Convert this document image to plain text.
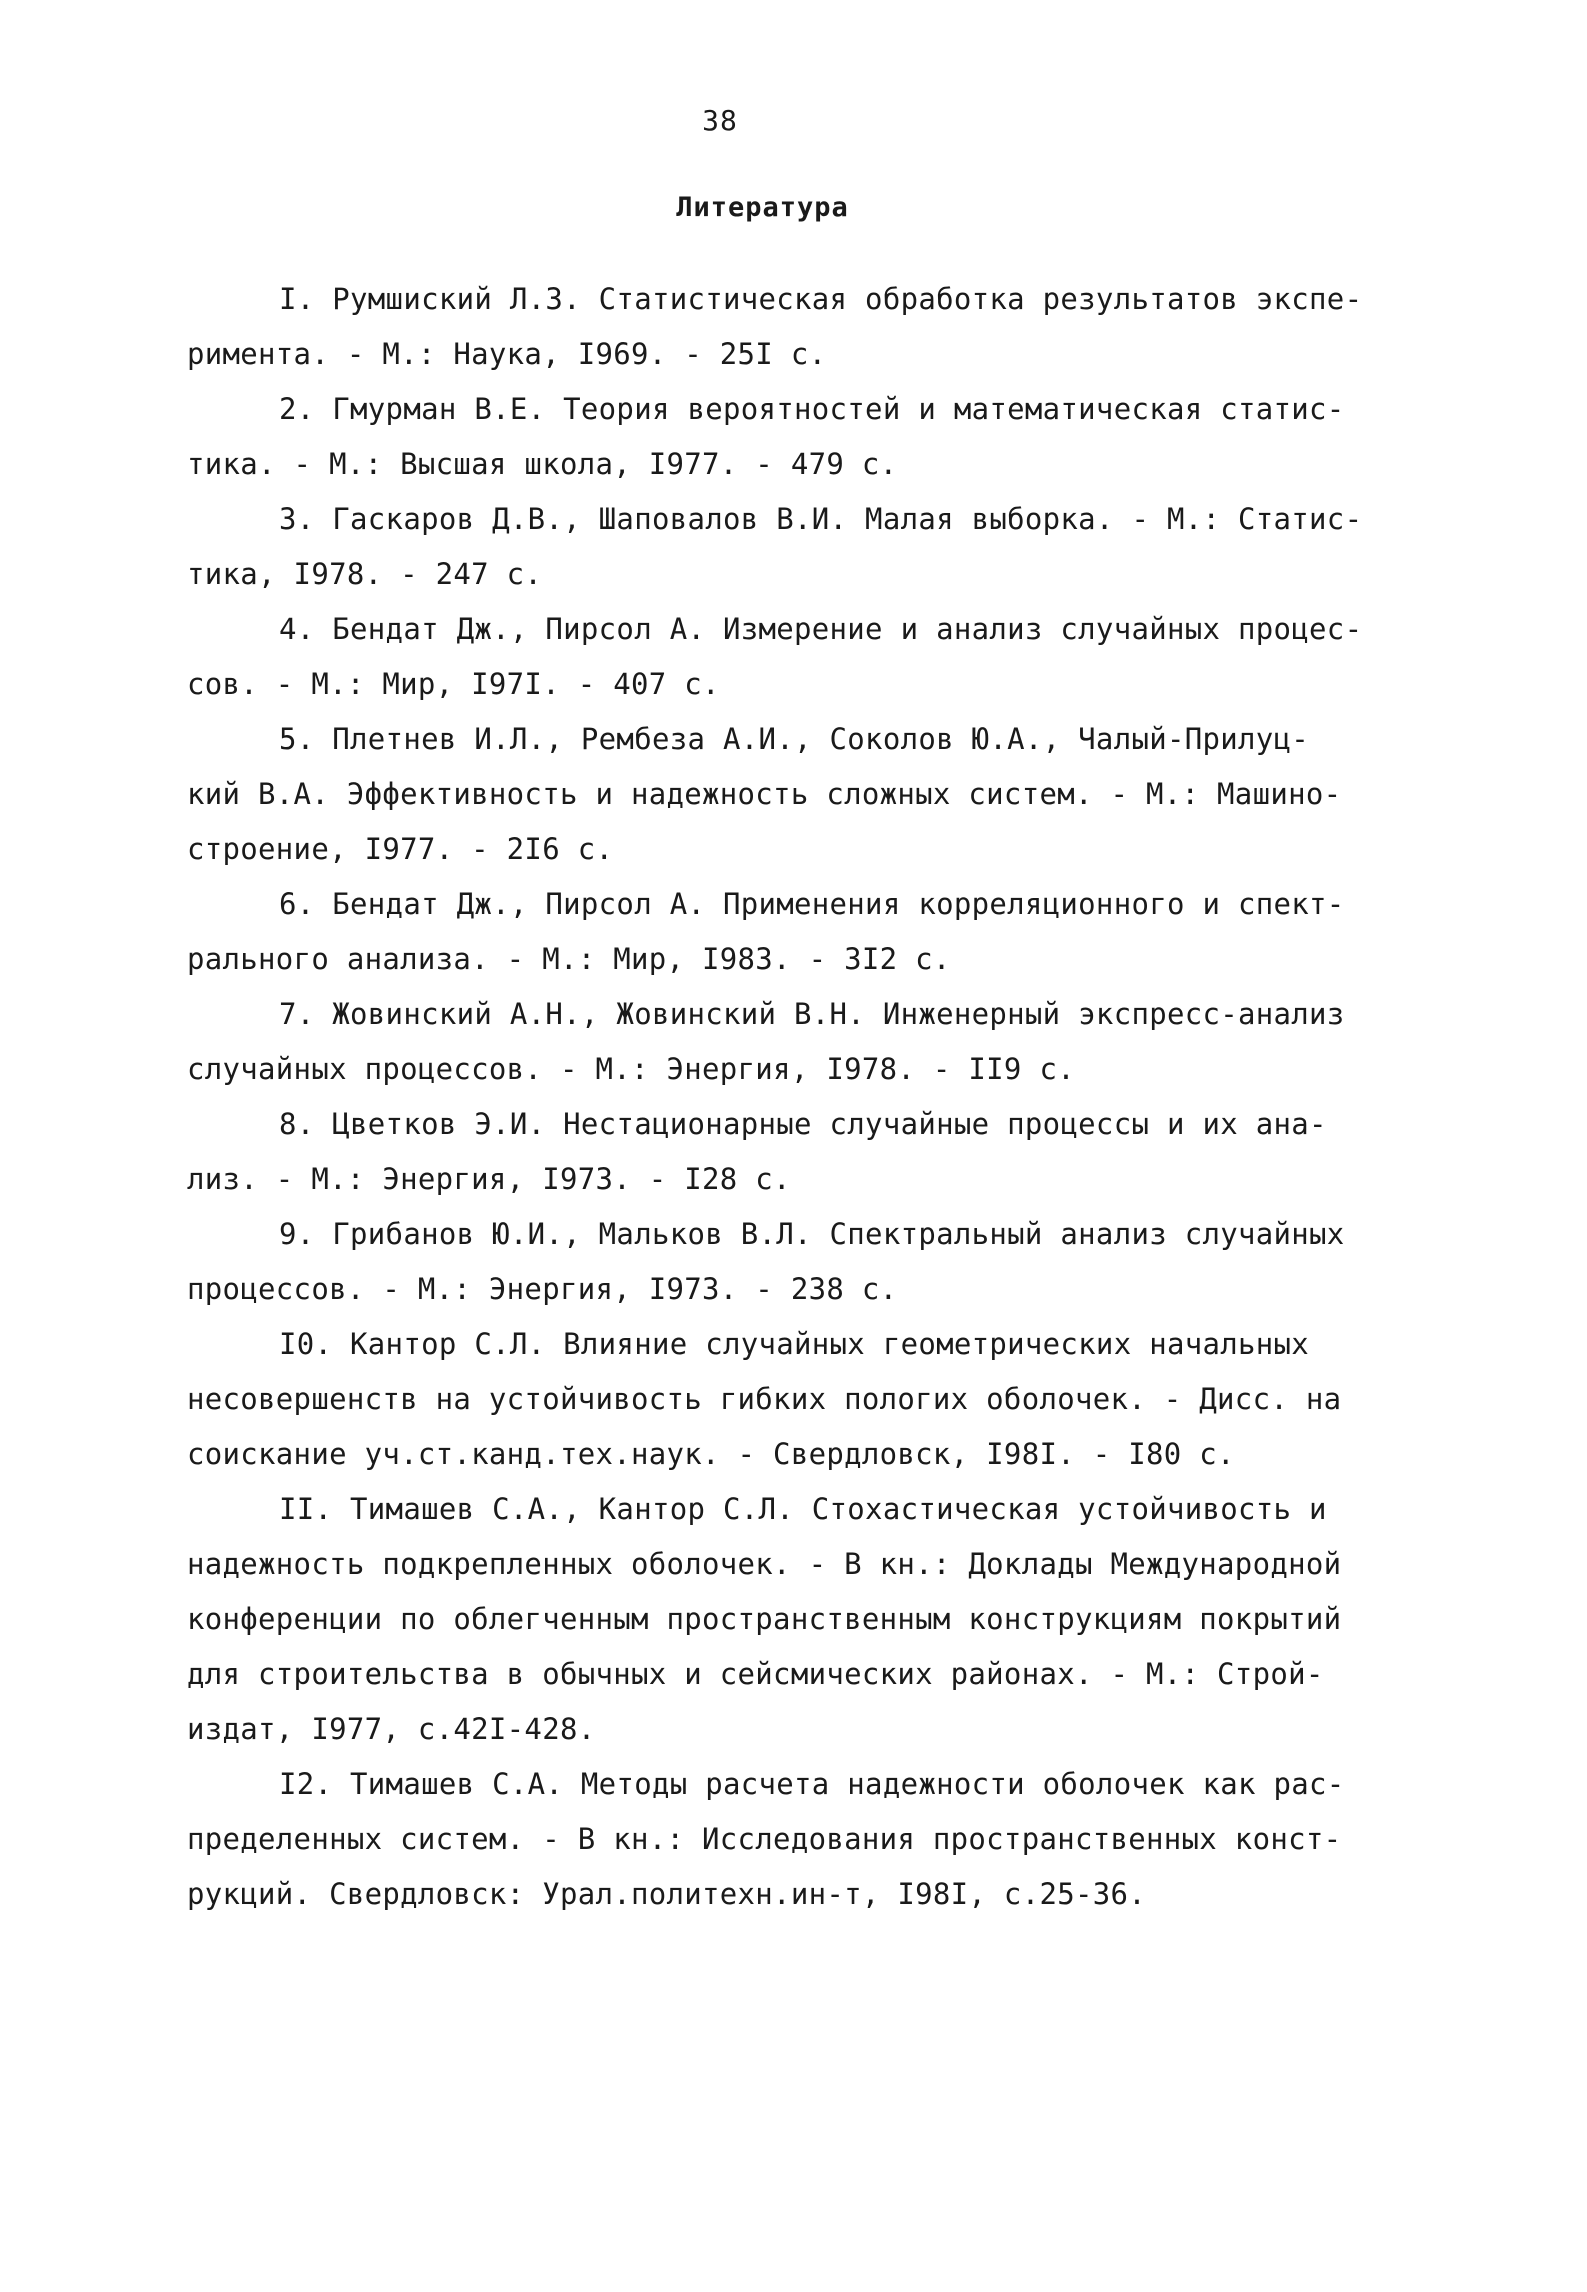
38
Литература
I. Румшиский Л.З. Статистическая обработка результатов экспе-
римента. - М.: Наука, I969. - 25I с.
2. Гмурман В.Е. Теория вероятностей и математическая статис-
тика. - М.: Высшая школа, I977. - 479 с.
3. Гаскаров Д.В., Шаповалов В.И. Малая выборка. - М.: Статис-
тика, I978. - 247 с.
4. Бендат Дж., Пирсол А. Измерение и анализ случайных процес-
сов. - М.: Мир, I97I. - 407 с.
5. Плетнев И.Л., Рембеза А.И., Соколов Ю.А., Чалый-Прилуц-
кий В.А. Эффективность и надежность сложных систем. - М.: Машино-
строение, I977. - 2I6 с.
6. Бендат Дж., Пирсол А. Применения корреляционного и спект-
рального анализа. - М.: Мир, I983. - 3I2 с.
7. Жовинский А.Н., Жовинский В.Н. Инженерный экспресс-анализ
случайных процессов. - М.: Энергия, I978. - II9 с.
8. Цветков Э.И. Нестационарные случайные процессы и их ана-
лиз. - М.: Энергия, I973. - I28 с.
9. Грибанов Ю.И., Мальков В.Л. Спектральный анализ случайных
процессов. - М.: Энергия, I973. - 238 с.
I0. Кантор С.Л. Влияние случайных геометрических начальных
несовершенств на устойчивость гибких пологих оболочек. - Дисс. на
соискание уч.ст.канд.тех.наук. - Свердловск, I98I. - I80 с.
II. Тимашев С.А., Кантор С.Л. Стохастическая устойчивость и
надежность подкрепленных оболочек. - В кн.: Доклады Международной
конференции по облегченным пространственным конструкциям покрытий
для строительства в обычных и сейсмических районах. - М.: Строй-
издат, I977, с.42I-428.
I2. Тимашев С.А. Методы расчета надежности оболочек как рас-
пределенных систем. - В кн.: Исследования пространственных конст-
рукций. Свердловск: Урал.политехн.ин-т, I98I, с.25-36.
